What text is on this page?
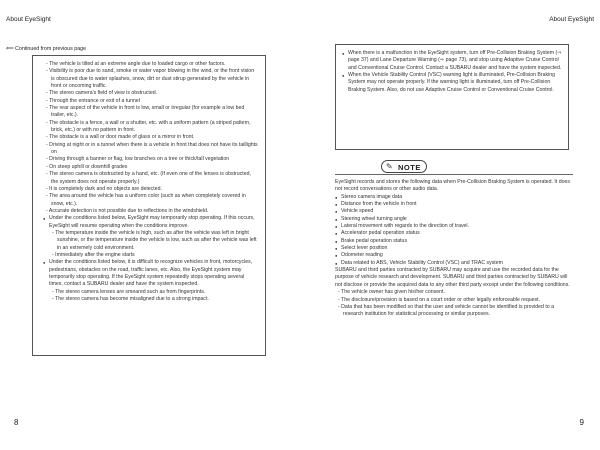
About EyeSight	About EyeSight
⟸ Continued from previous page
- The vehicle is tilted at an extreme angle due to loaded cargo or other factors.
- Visibility is poor due to sand, smoke or water vapor blowing in the wind, or the front vision is obscured due to water splashes, snow, dirt or dust stirup generated by the vehicle in front or oncoming traffic.
- The stereo camera's field of view is obstructed.
- Through the entrance or exit of a tunnel
- The rear aspect of the vehicle in front is low, small or irregular (for example a low bed trailer, etc.).
- The obstacle is a fence, a wall or a shutter, etc. with a uniform pattern (a striped pattern, brick, etc.) or with no pattern in front.
- The obstacle is a wall or door made of glass or a mirror in front.
- Driving at night or in a tunnel when there is a vehicle in front that does not have its taillights on
- Driving through a banner or flag, low branches on a tree or thick/tall vegetation
- On steep uphill or downhill grades
- The stereo camera is obstructed by a hand, etc. (If even one of the lenses is obstructed, the system does not operate properly.)
- It is completely dark and no objects are detected.
- The area around the vehicle has a uniform color (such as when completely covered in snow, etc.).
- Accurate detection is not possible due to reflections in the windshield.
● Under the conditions listed below, EyeSight may temporarily stop operating. If this occurs, EyeSight will resume operating when the conditions improve.
- The temperature inside the vehicle is high, such as after the vehicle was left in bright sunshine, or the temperature inside the vehicle is low, such as after the vehicle was left in an extremely cold environment.
- Immediately after the engine starts
● Under the conditions listed below, it is difficult to recognize vehicles in front, motorcycles, pedestrians, obstacles on the road, traffic lanes, etc. Also, the EyeSight system may temporarily stop operating. If the EyeSight system repeatedly stops operating several times, contact a SUBARU dealer and have the system inspected.
- The stereo camera lenses are smeared such as from fingerprints.
- The stereo camera has become misaligned due to a strong impact.
● When there is a malfunction in the EyeSight system, turn off Pre-Collision Braking System (⇒ page 37) and Lane Departure Warning (⇒ page 73), and stop using Adaptive Cruise Control and Conventional Cruise Control. Contact a SUBARU dealer and have the system inspected.
● When the Vehicle Stability Control (VSC) warning light is illuminated, Pre-Collision Braking System may not operate properly. If the warning light is illuminated, turn off Pre-Collision Braking System. Also, do not use Adaptive Cruise Control or Conventional Cruise Control.
✎ NOTE
EyeSight records and stores the following data when Pre-Collision Braking System is operated. It does not record conversations or other audio data.
● Stereo camera image data
● Distance from the vehicle in front
● Vehicle speed
● Steering wheel turning angle
● Lateral movement with regards to the direction of travel.
● Accelerator pedal operation status
● Brake pedal operation status
● Select lever position
● Odometer reading
● Data related to ABS, Vehicle Stability Control (VSC) and TRAC system
SUBARU and third parties contracted by SUBARU may acquire and use the recorded data for the purpose of vehicle research and development. SUBARU and third parties contracted by SUBARU will not disclose or provide the acquired data to any other third party except under the following conditions.
- The vehicle owner has given his/her consent.
- The disclosure/provision is based on a court order or other legally enforceable request.
- Data that has been modified so that the user and vehicle cannot be identified is provided to a research institution for statistical processing or similar purposes.
8	9
